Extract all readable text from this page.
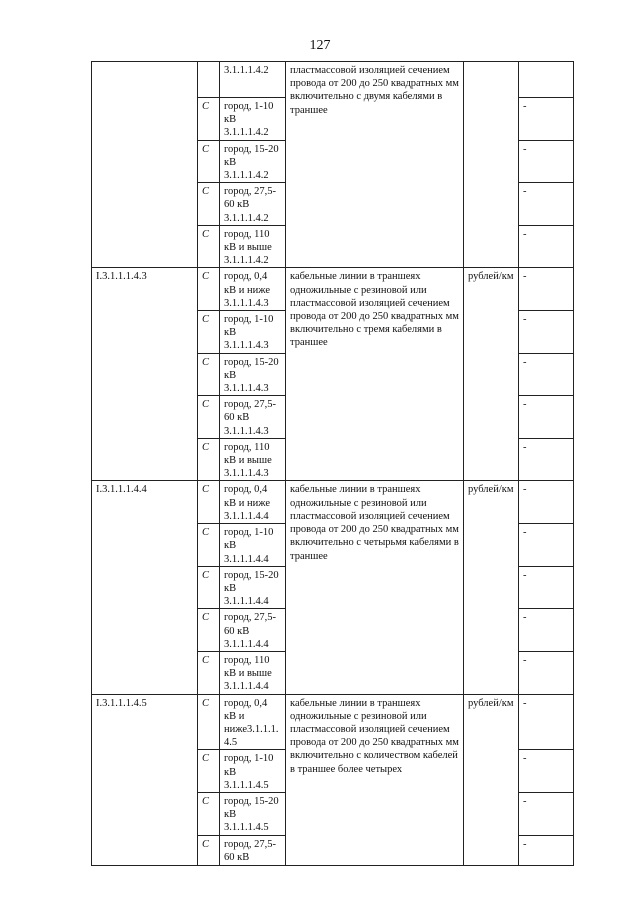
127
		3.1.1.1.4.2	пластмассовой изоляцией сечением провода от 200 до 250 квадратных мм включительно с двумя кабелями в траншее		
	С	город, 1-10 кВ 3.1.1.1.4.2			-
	С	город, 15-20 кВ 3.1.1.1.4.2			-
	С	город, 27,5-60 кВ 3.1.1.1.4.2			-
	С	город, 110 кВ и выше 3.1.1.1.4.2			-
I.3.1.1.1.4.3	С	город, 0,4 кВ и ниже 3.1.1.1.4.3	кабельные линии в траншеях одножильные с резиновой или пластмассовой изоляцией сечением провода от 200 до 250 квадратных мм включительно с тремя кабелями в траншее	рублей/км	-
	С	город, 1-10 кВ 3.1.1.1.4.3			-
	С	город, 15-20 кВ 3.1.1.1.4.3			-
	С	город, 27,5-60 кВ 3.1.1.1.4.3			-
	С	город, 110 кВ и выше 3.1.1.1.4.3			-
I.3.1.1.1.4.4	С	город, 0,4 кВ и ниже 3.1.1.1.4.4	кабельные линии в траншеях одножильные с резиновой или пластмассовой изоляцией сечением провода от 200 до 250 квадратных мм включительно с четырьмя кабелями в траншее	рублей/км	-
	С	город, 1-10 кВ 3.1.1.1.4.4			-
	С	город, 15-20 кВ 3.1.1.1.4.4			-
	С	город, 27,5-60 кВ 3.1.1.1.4.4			-
	С	город, 110 кВ и выше 3.1.1.1.4.4			-
I.3.1.1.1.4.5	С	город, 0,4 кВ и ниже3.1.1.1.4.5	кабельные линии в траншеях одножильные с резиновой или пластмассовой изоляцией сечением провода от 200 до 250 квадратных мм включительно с количеством кабелей в траншее более четырех	рублей/км	-
	С	город, 1-10 кВ 3.1.1.1.4.5			-
	С	город, 15-20 кВ 3.1.1.1.4.5			-
	С	город, 27,5-60 кВ			-
